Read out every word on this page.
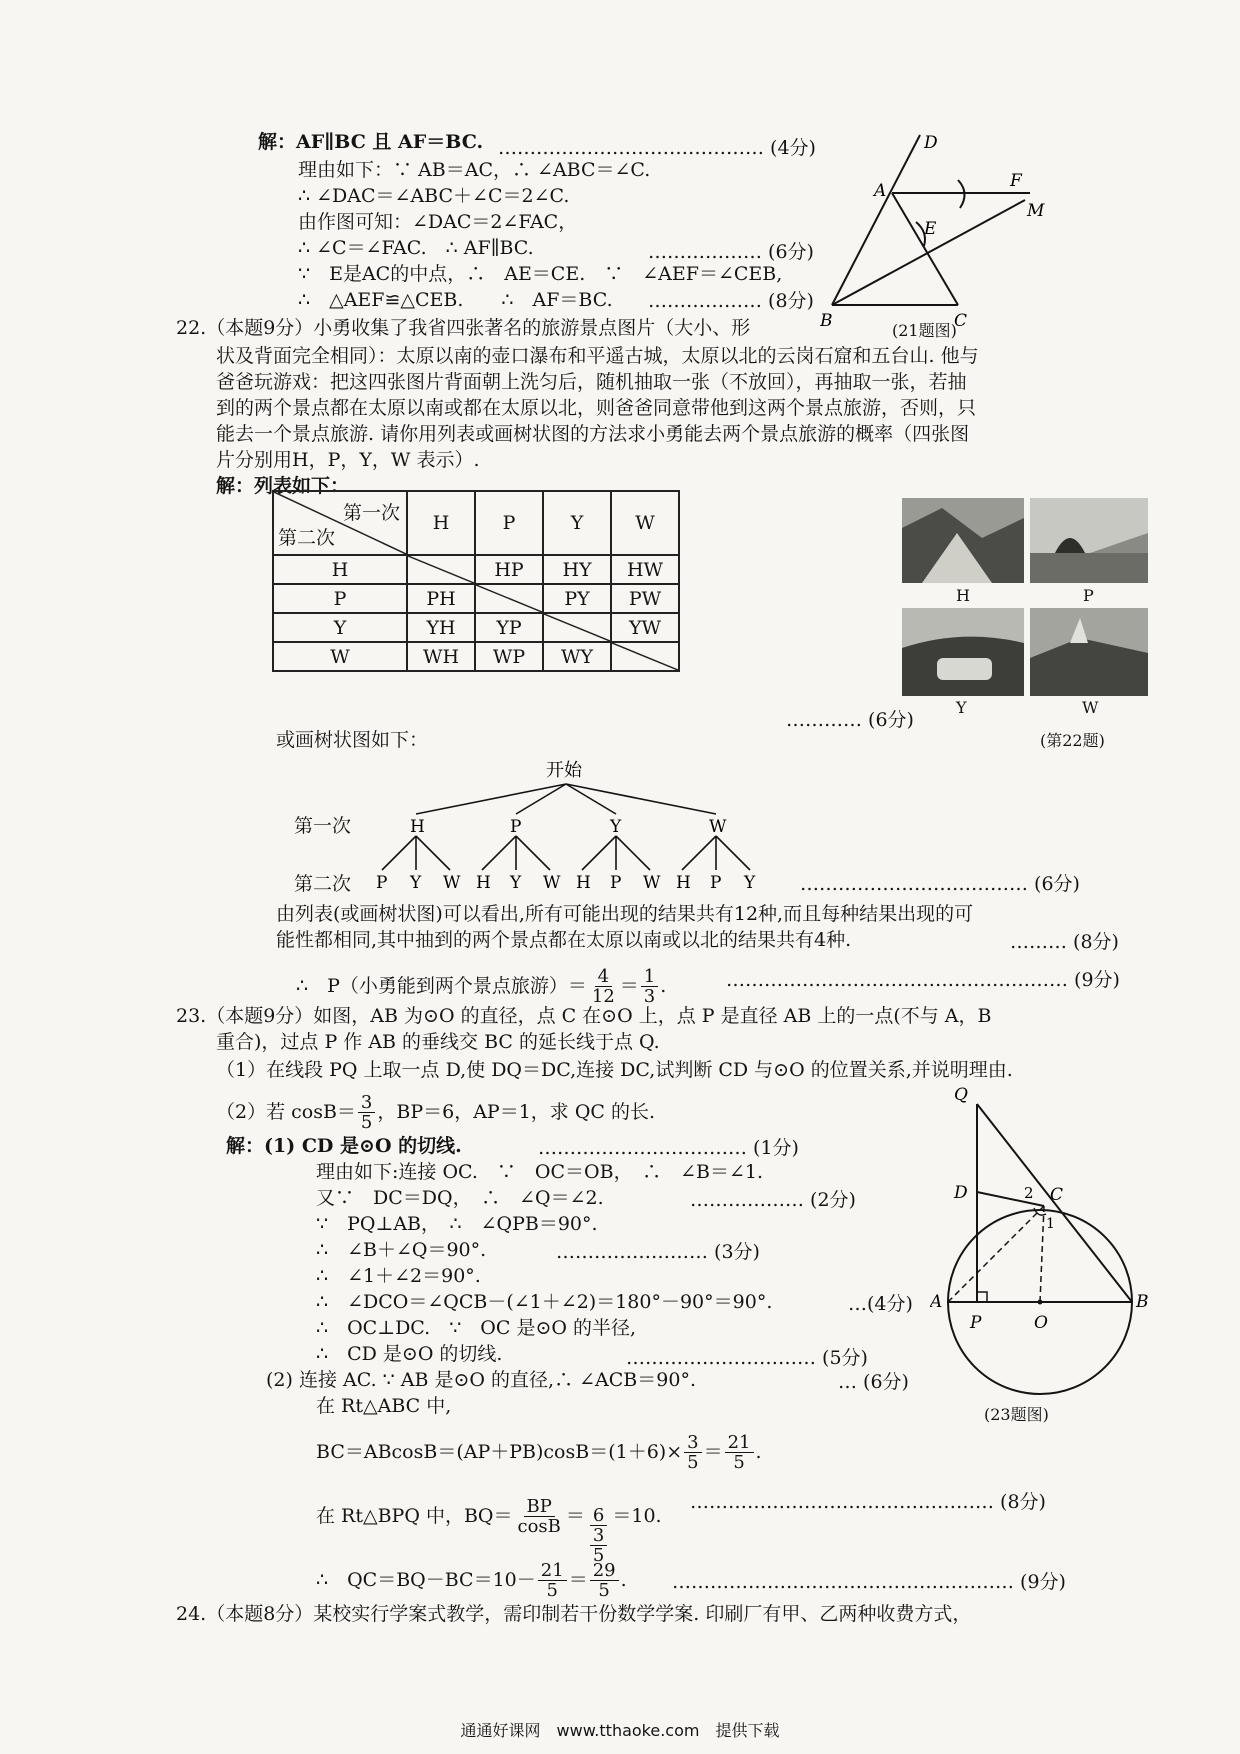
解：AF∥BC 且 AF＝BC.
理由如下：∵ AB＝AC，∴ ∠ABC＝∠C.
∴ ∠DAC＝∠ABC＋∠C＝2∠C.
由作图可知：∠DAC＝2∠FAC，
∴ ∠C＝∠FAC.　∴ AF∥BC.
∵　E是AC的中点，∴　AE＝CE.　∵　∠AEF＝∠CEB,
∴　△AEF≌△CEB.　　∴　AF＝BC.
…………………………………… (4分)
……………… (6分)
……………… (8分)
D
A	F
M
E
B	C
(21题图)
22.（本题9分）小勇收集了我省四张著名的旅游景点图片（大小、形
状及背面完全相同）：太原以南的壶口瀑布和平遥古城，太原以北的云岗石窟和五台山. 他与
爸爸玩游戏：把这四张图片背面朝上洗匀后，随机抽取一张（不放回），再抽取一张，若抽
到的两个景点都在太原以南或都在太原以北，则爸爸同意带他到这两个景点旅游，否则，只
能去一个景点旅游. 请你用列表或画树状图的方法求小勇能去两个景点旅游的概率（四张图
片分别用H，P，Y，W 表示）.
解：列表如下：
第一次
第二次	H	P	Y	W
H		HP	HY	HW
P	PH		PY	PW
Y	YH	YP		YW
W	WH	WP	WY	
H	P
Y	W
(第22题)
………… (6分)
或画树状图如下：
开始
H	P	Y	W
P Y W H Y W H P W H P Y
第一次
第二次	……………………………… (6分)
由列表(或画树状图)可以看出,所有可能出现的结果共有12种,而且每种结果出现的可
能性都相同,其中抽到的两个景点都在太原以南或以北的结果共有4种.	……… (8分)
∴　P（小勇能到两个景点旅游）＝ $\frac{4}{12} = \frac{1}{3}$ .	……………………………………………… (9分)
23.（本题9分）如图，AB 为⊙O 的直径，点 C 在⊙O 上，点 P 是直径 AB 上的一点(不与 A，B
重合)，过点 P 作 AB 的垂线交 BC 的延长线于点 Q.
（1）在线段 PQ 上取一点 D,使 DQ＝DC,连接 DC,试判断 CD 与⊙O 的位置关系,并说明理由.
（2）若 $\cos B= \frac{3}{5}$ ，BP＝6，AP＝1，求 QC 的长.
解：(1) CD 是⊙O 的切线.
理由如下:连接 OC.　∵　OC＝OB，　∴　∠B＝∠1.
又∵　DC＝DQ，　∴　∠Q＝∠2.
∵　PQ⊥AB，　∴　∠QPB＝90°.
∴　∠B＋∠Q＝90°.
∴　∠1＋∠2＝90°.
∴　∠DCO＝∠QCB－(∠1＋∠2)＝180°－90°＝90°.
∴　OC⊥DC.　∵　OC 是⊙O 的半径,
∴　CD 是⊙O 的切线.
(2) 连接 AC. ∵ AB 是⊙O 的直径,∴ ∠ACB＝90°.
在 Rt△ABC 中,
…………………………… (1分)
……………… (2分)
…………………… (3分)
…(4分)
………………………… (5分)
… (6分)
$BC=ABcosB=(AP+PB)\cos B=(1+6)\times \frac{3}{5} = \frac{21}{5}$ .
在 Rt△BPQ 中，$BQ= \frac{BP}{\cos B} = 6$
3
5 ＝10.
………………………………………… (8分)
∴　$QC=BQ-BC=10- \frac{21}{5} = \frac{29}{5}$ . ……………………………………………… (9分)
Q
D	2 C
1
A
P	O
B
(23题图)
24.（本题8分）某校实行学案式教学，需印制若干份数学学案. 印刷厂有甲、乙两种收费方式，
通通好课网　www.tthaoke.com　提供下载
